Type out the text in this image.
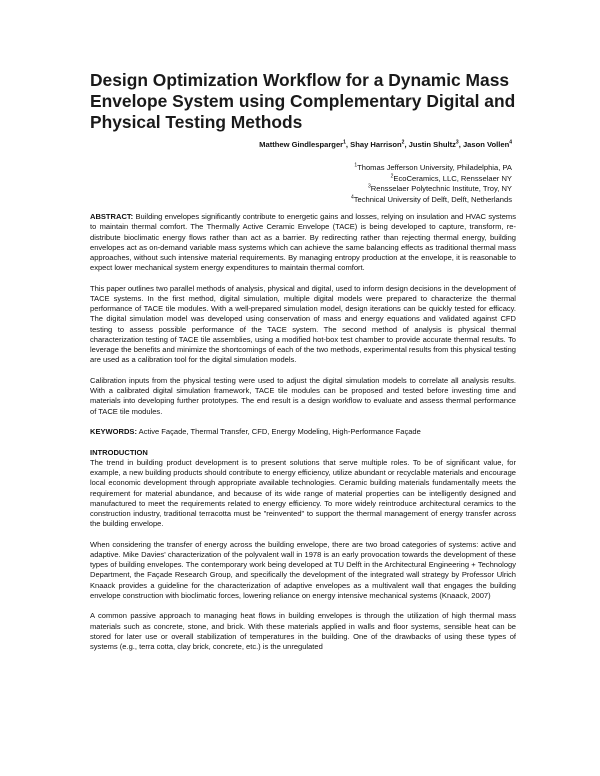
Design Optimization Workflow for a Dynamic Mass Envelope System using Complementary Digital and Physical Testing Methods
Matthew Gindlesparger$^1$, Shay Harrison$^2$, Justin Shultz$^3$, Jason Vollen$^4$
$^1$Thomas Jefferson University, Philadelphia, PA
$^2$EcoCeramics, LLC, Rensselaer NY
$^3$Rensselaer Polytechnic Institute, Troy, NY
$^4$Technical University of Delft, Delft, Netherlands

ABSTRACT: Building envelopes significantly contribute to energetic gains and losses, relying on insulation and HVAC systems to maintain thermal comfort. The Thermally Active Ceramic Envelope (TACE) is being developed to capture, transform, re-distribute bioclimatic energy flows rather than act as a barrier. By redirecting rather than rejecting thermal energy, building envelopes act as on-demand variable mass systems which can achieve the same balancing effects as traditional thermal mass approaches, without such intensive material requirements. By managing entropy production at the envelope, it is reasonable to expect lower mechanical system energy expenditures to maintain thermal comfort.

This paper outlines two parallel methods of analysis, physical and digital, used to inform design decisions in the development of TACE systems. In the first method, digital simulation, multiple digital models were prepared to characterize the thermal performance of TACE tile modules. With a well-prepared simulation model, design iterations can be quickly tested for efficacy. The digital simulation model was developed using conservation of mass and energy equations and validated against CFD testing to assess possible performance of the TACE system. The second method of analysis is physical thermal characterization testing of TACE tile assemblies, using a modified hot-box test chamber to provide accurate thermal results. To leverage the benefits and minimize the shortcomings of each of the two methods, experimental results from this physical testing are used as a calibration tool for the digital simulation models.

Calibration inputs from the physical testing were used to adjust the digital simulation models to correlate all analysis results. With a calibrated digital simulation framework, TACE tile modules can be proposed and tested before investing time and materials into developing further prototypes. The end result is a design workflow to evaluate and assess thermal performance of TACE tile modules.

KEYWORDS: Active Façade, Thermal Transfer, CFD, Energy Modeling, High-Performance Façade

INTRODUCTION

The trend in building product development is to present solutions that serve multiple roles. To be of significant value, for example, a new building products should contribute to energy efficiency, utilize abundant or recyclable materials and encourage local economic development through appropriate available technologies. Ceramic building materials fundamentally meets the requirement for material abundance, and because of its wide range of material properties can be intelligently designed and manufactured to meet the requirements related to energy efficiency. To more widely reintroduce architectural ceramics to the construction industry, traditional terracotta must be "reinvented" to support the thermal management of energy transfer across the building envelope.

When considering the transfer of energy across the building envelope, there are two broad categories of systems: active and adaptive. Mike Davies' characterization of the polyvalent wall in 1978 is an early provocation towards the development of these types of building envelopes. The contemporary work being developed at TU Delft in the Architectural Engineering + Technology Department, the Façade Research Group, and specifically the development of the integrated wall strategy by Professor Ulrich Knaack provides a guideline for the characterization of adaptive envelopes as a multivalent wall that engages the building envelope construction with bioclimatic forces, lowering reliance on energy intensive mechanical systems (Knaack, 2007)

A common passive approach to managing heat flows in building envelopes is through the utilization of high thermal mass materials such as concrete, stone, and brick. With these materials applied in walls and floor systems, sensible heat can be stored for later use or overall stabilization of temperatures in the building. One of the drawbacks of using these types of systems (e.g., terra cotta, clay brick, concrete, etc.) is the unregulated
